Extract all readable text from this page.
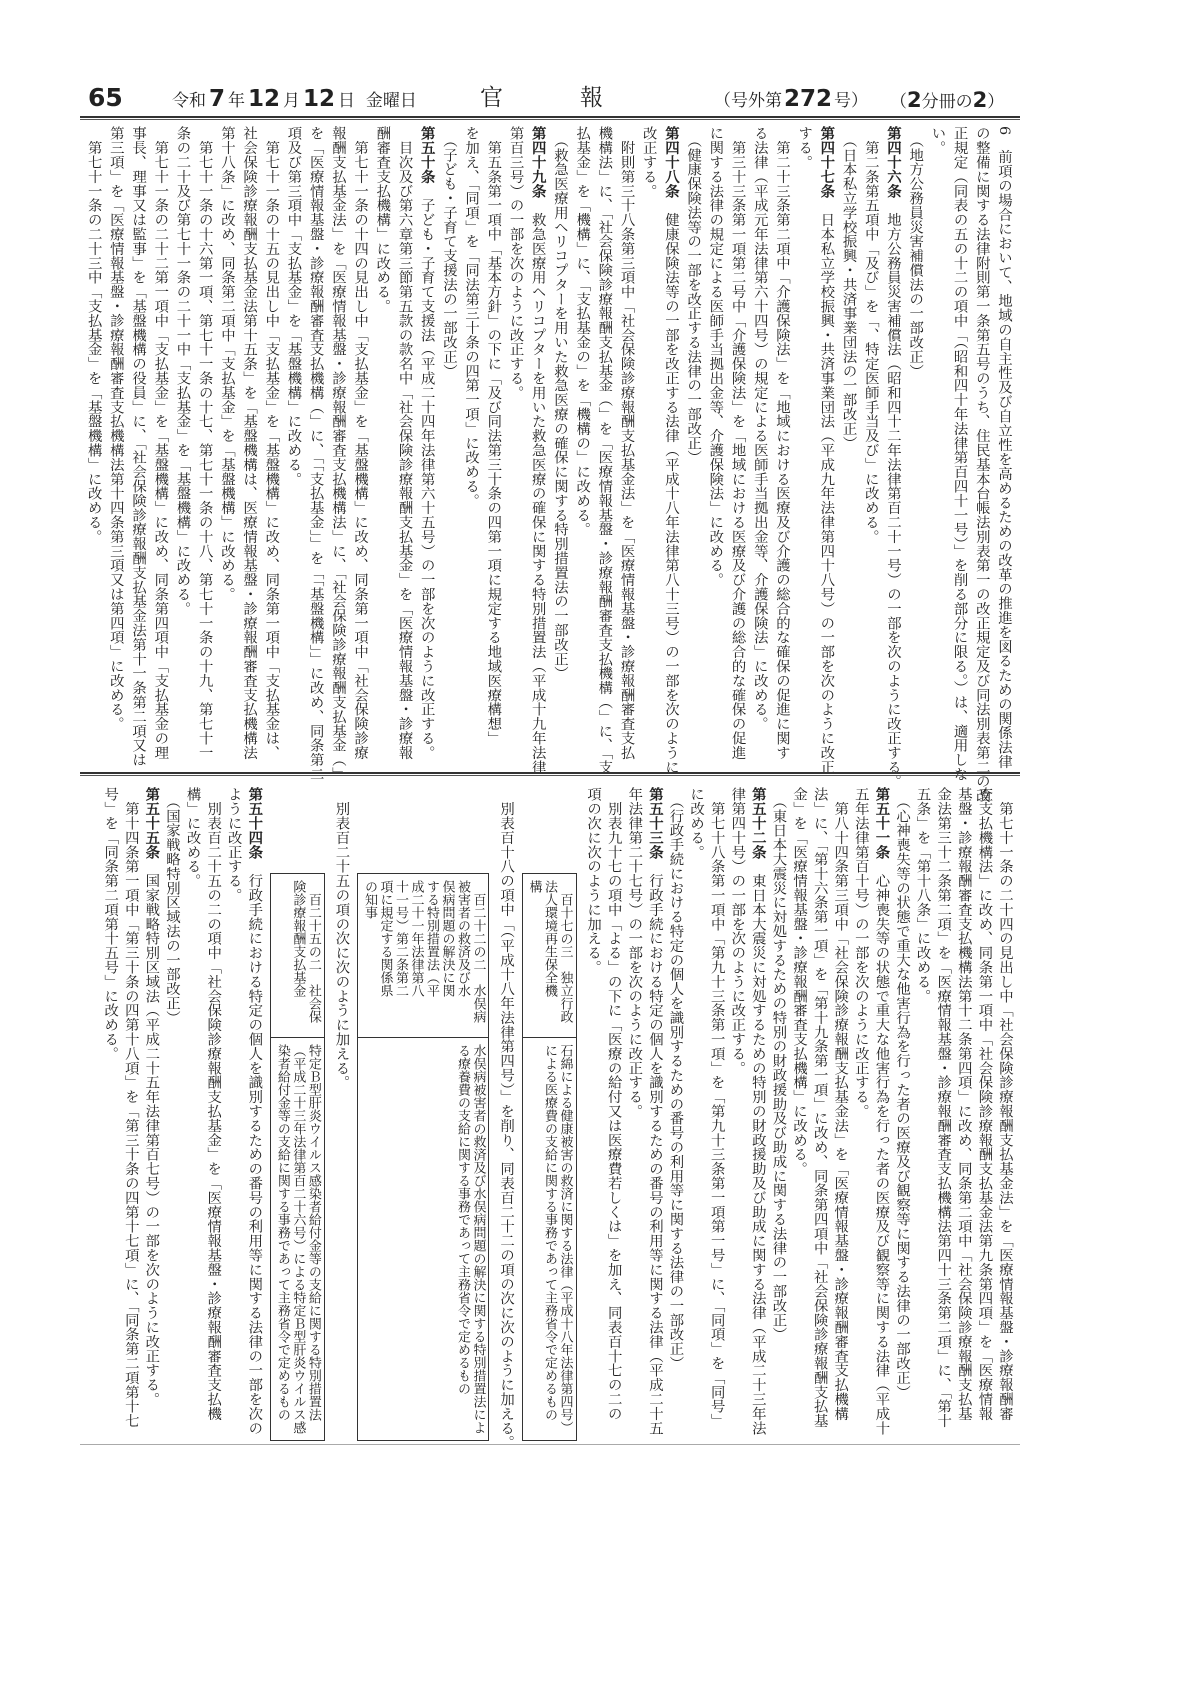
65	令和 7 年 12 月 12 日 金曜日	官	報	（号外第272 号） （2分冊の2）
6　前項の場合において、地域の自主性及び自立性を高めるための改革の推進を図るための関係法律
の整備に関する法律附則第一条第五号のうち、住民基本台帳法別表第一の改正規定及び同法別表第二の改
正規定（同表の五の十二の項中「（昭和四十年法律第百四十一号）」を削る部分に限る。）は、適用しな
い。
　（地方公務員災害補償法の一部改正）
第四十六条　地方公務員災害補償法（昭和四十二年法律第百二十一号）の一部を次のように改正する。
　第二条第五項中「及び」を「、特定医師手当及び」に改める。
　（日本私立学校振興・共済事業団法の一部改正）
第四十七条　日本私立学校振興・共済事業団法（平成九年法律第四十八号）の一部を次のように改正
する。
　第二十三条第二項中「介護保険法」を「地域における医療及び介護の総合的な確保の促進に関す
る法律（平成元年法律第六十四号）の規定による医師手当拠出金等、介護保険法」に改める。
　第三十三条第一項第二号中「介護保険法」を「地域における医療及び介護の総合的な確保の促進
に関する法律の規定による医師手当拠出金等、介護保険法」に改める。
　（健康保険法等の一部を改正する法律の一部改正）
第四十八条　健康保険法等の一部を改正する法律（平成十八年法律第八十三号）の一部を次のように
改正する。
　附則第三十八条第三項中「社会保険診療報酬支払基金法」を「医療情報基盤・診療報酬審査支払
機構法」に、「社会保険診療報酬支払基金（」を「医療情報基盤・診療報酬審査支払機構（」に、「支
払基金」を「機構」に、「支払基金の」を「機構の」に改める。
　（救急医療用ヘリコプターを用いた救急医療の確保に関する特別措置法の一部改正）
第四十九条　救急医療用ヘリコプターを用いた救急医療の確保に関する特別措置法（平成十九年法律
第百三号）の一部を次のように改正する。
　第五条第一項中「基本方針」の下に「及び同法第三十条の四第一項に規定する地域医療構想」
を加え、「同項」を「同法第三十条の四第一項」に改める。
　（子ども・子育て支援法の一部改正）
第五十条　子ども・子育て支援法（平成二十四年法律第六十五号）の一部を次のように改正する。
　目次及び第六章第三節第五款の款名中「社会保険診療報酬支払基金」を「医療情報基盤・診療報
酬審査支払機構」に改める。
　第七十一条の十四の見出し中「支払基金」を「基盤機構」に改め、同条第一項中「社会保険診療
報酬支払基金法」を「医療情報基盤・診療報酬審査支払機構法」に、「社会保険診療報酬支払基金（」
を「医療情報基盤・診療報酬審査支払機構（」に、「「支払基金」」を「「基盤機構」」に改め、同条第二
項及び第三項中「支払基金」を「基盤機構」に改める。
　第七十一条の十五の見出し中「支払基金」を「基盤機構」に改め、同条第一項中「支払基金は、
社会保険診療報酬支払基金法第十五条」を「基盤機構は、医療情報基盤・診療報酬審査支払機構法
第十八条」に改め、同条第二項中「支払基金」を「基盤機構」に改める。
　第七十一条の十六第一項、第七十一条の十七、第七十一条の十八、第七十一条の十九、第七十一
条の二十及び第七十一条の二十一中「支払基金」を「基盤機構」に改める。
　第七十一条の二十二第一項中「支払基金」を「基盤機構」に改め、同条第四項中「支払基金の理
事長、理事又は監事」を「基盤機構の役員」に、「社会保険診療報酬支払基金法第十一条第二項又は
第三項」を「医療情報基盤・診療報酬審査支払機構法第十四条第三項又は第四項」に改める。
　第七十一条の二十三中「支払基金」を「基盤機構」に改める。
　第七十一条の二十四の見出し中「社会保険診療報酬支払基金法」を「医療情報基盤・診療報酬審
査支払機構法」に改め、同条第一項中「社会保険診療報酬支払基金法第九条第四項」を「医療情報
基盤・診療報酬審査支払機構法第十二条第四項」に改め、同条第二項中「社会保険診療報酬支払基
金法第三十二条第二項」を「医療情報基盤・診療報酬審査支払機構法第四十三条第二項」に、「第十
五条」を「第十八条」に改める。
　（心神喪失等の状態で重大な他害行為を行った者の医療及び観察等に関する法律の一部改正）
第五十一条　心神喪失等の状態で重大な他害行為を行った者の医療及び観察等に関する法律（平成十
五年法律第百十号）の一部を次のように改正する。
　第八十四条第三項中「社会保険診療報酬支払基金法」を「医療情報基盤・診療報酬審査支払機構
法」に、「第十六条第一項」を「第十九条第一項」に改め、同条第四項中「社会保険診療報酬支払基
金」を「医療情報基盤・診療報酬審査支払機構」に改める。
　（東日本大震災に対処するための特別の財政援助及び助成に関する法律の一部改正）
第五十二条　東日本大震災に対処するための特別の財政援助及び助成に関する法律（平成二十三年法
律第四十号）の一部を次のように改正する。
　第七十八条第一項中「第九十三条第一項」を「第九十三条第一項第一号」に、「同項」を「同号」
に改める。
　（行政手続における特定の個人を識別するための番号の利用等に関する法律の一部改正）
第五十三条　行政手続における特定の個人を識別するための番号の利用等に関する法律（平成二十五
年法律第二十七号）の一部を次のように改正する。
　別表九十七の項中「よる」の下に「医療の給付又は医療費若しくは」を加え、同表百十七の二の
項の次に次のように加える。
　百十七の三　独立行政
法人環境再生保全機
構
石綿による健康被害の救済に関する法律（平成十八年法律第四号）
による医療費の支給に関する事務であって主務省令で定めるもの
　別表百十八の項中「（平成十八年法律第四号）」を削り、同表百二十二の項の次に次のように加える。
　百二十二の二　水俣病
被害者の救済及び水
俣病問題の解決に関
する特別措置法（平
成二十一年法律第八
十一号）第二条第二
項に規定する関係県
の知事
水俣病被害者の救済及び水俣病問題の解決に関する特別措置法によ
る療養費の支給に関する事務であって主務省令で定めるもの
　別表百二十五の項の次に次のように加える。
　百二十五の二　社会保
険診療報酬支払基金
特定Ｂ型肝炎ウイルス感染者給付金等の支給に関する特別措置法
（平成二十三年法律第百二十六号）による特定Ｂ型肝炎ウイルス感
染者給付金等の支給に関する事務であって主務省令で定めるもの
第五十四条　行政手続における特定の個人を識別するための番号の利用等に関する法律の一部を次の
ように改正する。
　別表百二十五の二の項中「社会保険診療報酬支払基金」を「医療情報基盤・診療報酬審査支払機
構」に改める。
　（国家戦略特別区域法の一部改正）
第五十五条　国家戦略特別区域法（平成二十五年法律第百七号）の一部を次のように改正する。
　第十四条第一項中「第三十条の四第十八項」を「第三十条の四第十七項」に、「同条第二項第十七
号」を「同条第二項第十五号」に改める。
